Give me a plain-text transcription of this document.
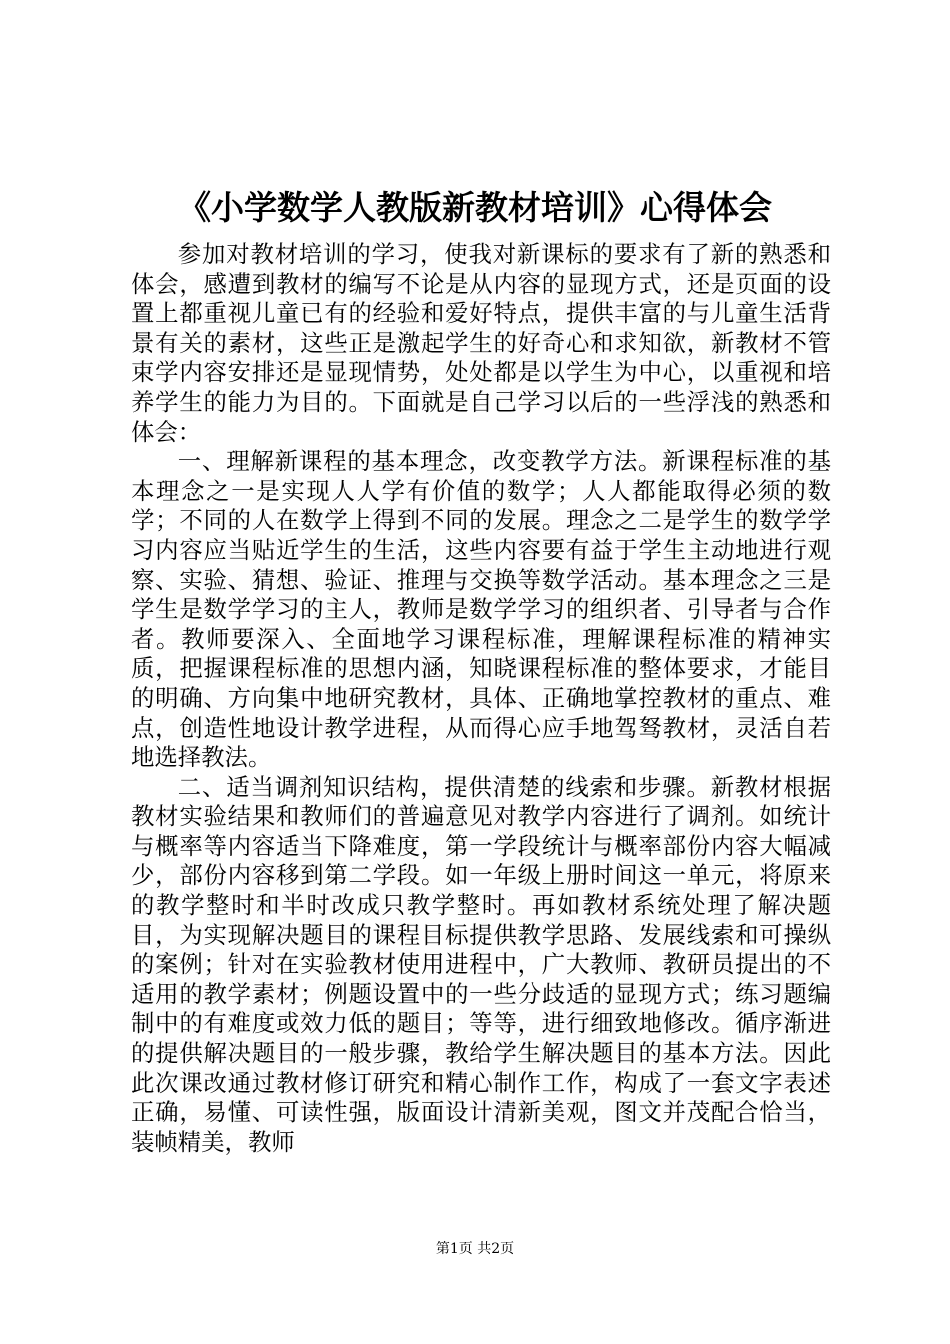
《小学数学人教版新教材培训》心得体会

参加对教材培训的学习，使我对新课标的要求有了新的熟悉和体会，感遭到教材的编写不论是从内容的显现方式，还是页面的设置上都重视儿童已有的经验和爱好特点，提供丰富的与儿童生活背景有关的素材，这些正是激起学生的好奇心和求知欲，新教材不管束学内容安排还是显现情势，处处都是以学生为中心，以重视和培养学生的能力为目的。下面就是自己学习以后的一些浮浅的熟悉和体会：

一、理解新课程的基本理念，改变教学方法。新课程标准的基本理念之一是实现人人学有价值的数学；人人都能取得必须的数学；不同的人在数学上得到不同的发展。理念之二是学生的数学学习内容应当贴近学生的生活，这些内容要有益于学生主动地进行观察、实验、猜想、验证、推理与交换等数学活动。基本理念之三是学生是数学学习的主人，教师是数学学习的组织者、引导者与合作者。教师要深入、全面地学习课程标准，理解课程标准的精神实质，把握课程标准的思想内涵，知晓课程标准的整体要求，才能目的明确、方向集中地研究教材，具体、正确地掌控教材的重点、难点，创造性地设计教学进程，从而得心应手地驾驽教材，灵活自若地选择教法。

二、适当调剂知识结构，提供清楚的线索和步骤。新教材根据教材实验结果和教师们的普遍意见对教学内容进行了调剂。如统计与概率等内容适当下降难度，第一学段统计与概率部份内容大幅减少，部份内容移到第二学段。如一年级上册时间这一单元，将原来的教学整时和半时改成只教学整时。再如教材系统处理了解决题目，为实现解决题目的课程目标提供教学思路、发展线索和可操纵的案例；针对在实验教材使用进程中，广大教师、教研员提出的不适用的教学素材；例题设置中的一些分歧适的显现方式；练习题编制中的有难度或效力低的题目；等等，进行细致地修改。循序渐进的提供解决题目的一般步骤，教给学生解决题目的基本方法。因此此次课改通过教材修订研究和精心制作工作，构成了一套文字表述正确，易懂、可读性强，版面设计清新美观，图文并茂配合恰当，装帧精美，教师

第1页 共2页
